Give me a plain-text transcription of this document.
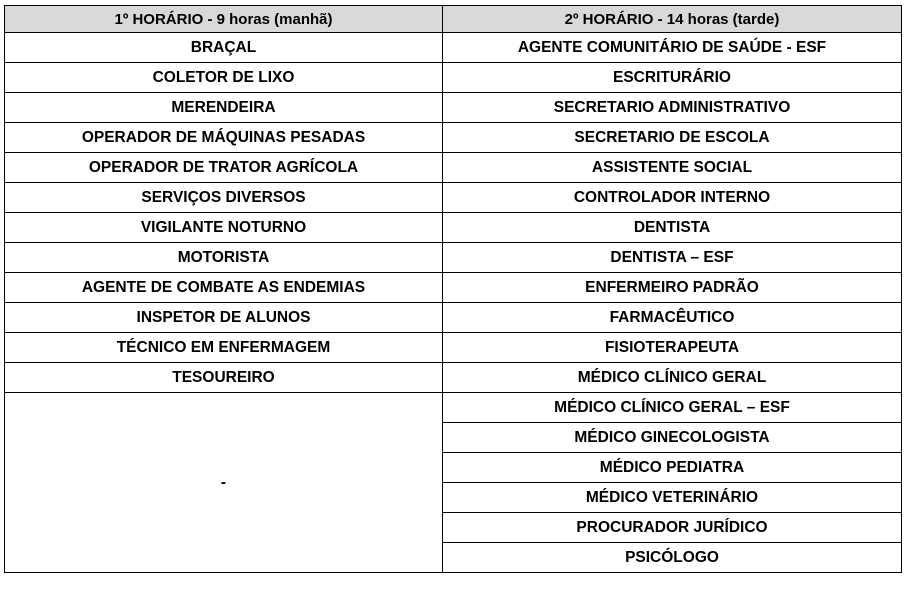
1º HORÁRIO - 9 horas (manhã)	2º HORÁRIO - 14 horas (tarde)
BRAÇAL	AGENTE COMUNITÁRIO DE SAÚDE - ESF
COLETOR DE LIXO	ESCRITURÁRIO
MERENDEIRA	SECRETARIO ADMINISTRATIVO
OPERADOR DE MÁQUINAS PESADAS	SECRETARIO DE ESCOLA
OPERADOR DE TRATOR AGRÍCOLA	ASSISTENTE SOCIAL
SERVIÇOS DIVERSOS	CONTROLADOR INTERNO
VIGILANTE NOTURNO	DENTISTA
MOTORISTA	DENTISTA – ESF
AGENTE DE COMBATE AS ENDEMIAS	ENFERMEIRO PADRÃO
INSPETOR DE ALUNOS	FARMACÊUTICO
TÉCNICO EM ENFERMAGEM	FISIOTERAPEUTA
TESOUREIRO	MÉDICO CLÍNICO GERAL
-	MÉDICO CLÍNICO GERAL – ESF
	MÉDICO GINECOLOGISTA
	MÉDICO PEDIATRA
	MÉDICO VETERINÁRIO
	PROCURADOR JURÍDICO
	PSICÓLOGO
